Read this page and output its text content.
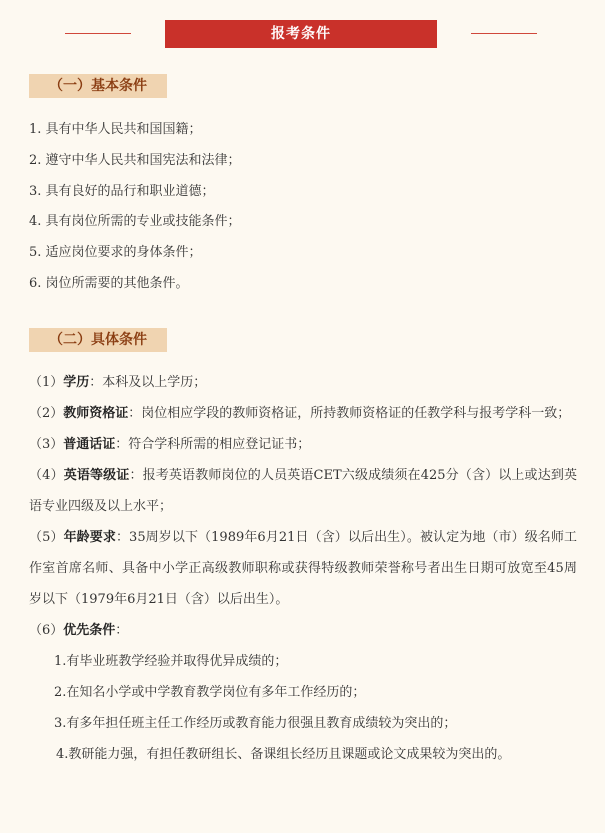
报考条件
（一）基本条件
1. 具有中华人民共和国国籍；
2. 遵守中华人民共和国宪法和法律；
3. 具有良好的品行和职业道德；
4. 具有岗位所需的专业或技能条件；
5. 适应岗位要求的身体条件；
6. 岗位所需要的其他条件。
（二）具体条件

（1）学历：本科及以上学历；

（2）教师资格证：岗位相应学段的教师资格证，所持教师资格证的任教学科与报考学科一致；

（3）普通话证：符合学科所需的相应登记证书；

（4）英语等级证：报考英语教师岗位的人员英语CET六级成绩须在425分（含）以上或达到英语专业四级及以上水平；

（5）年龄要求：35周岁以下（1989年6月21日（含）以后出生）。被认定为地（市）级名师工作室首席名师、具备中小学正高级教师职称或获得特级教师荣誉称号者出生日期可放宽至45周岁以下（1979年6月21日（含）以后出生）。

（6）优先条件：

1.有毕业班教学经验并取得优异成绩的；

2.在知名小学或中学教育教学岗位有多年工作经历的；

3.有多年担任班主任工作经历或教育能力很强且教育成绩较为突出的；

4.教研能力强，有担任教研组长、备课组长经历且课题或论文成果较为突出的。
